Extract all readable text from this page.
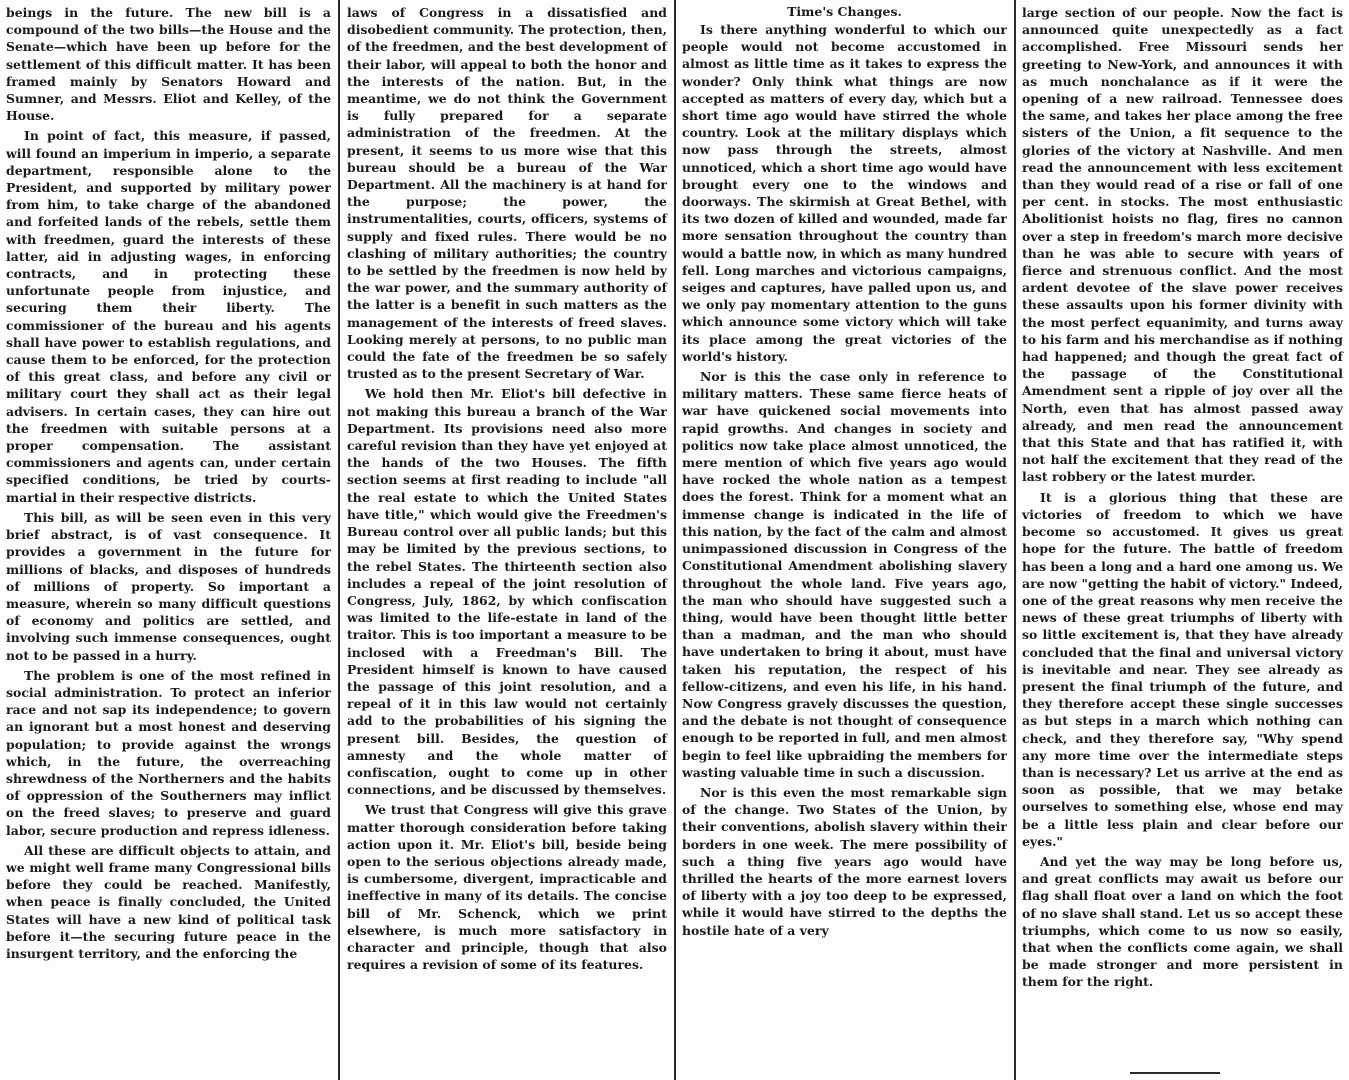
beings in the future. The new bill is a compound of the two bills—the House and the Senate—which have been up before for the settlement of this difficult matter. It has been framed mainly by Senators Howard and Sumner, and Messrs. Eliot and Kelley, of the House.

In point of fact, this measure, if passed, will found an imperium in imperio, a separate department, responsible alone to the President, and supported by military power from him, to take charge of the abandoned and forfeited lands of the rebels, settle them with freedmen, guard the interests of these latter, aid in adjusting wages, in enforcing contracts, and in protecting these unfortunate people from injustice, and securing them their liberty. The commissioner of the bureau and his agents shall have power to establish regulations, and cause them to be enforced, for the protection of this great class, and before any civil or military court they shall act as their legal advisers. In certain cases, they can hire out the freedmen with suitable persons at a proper compensation. The assistant commissioners and agents can, under certain specified conditions, be tried by courts-martial in their respective districts.

This bill, as will be seen even in this very brief abstract, is of vast consequence. It provides a government in the future for millions of blacks, and disposes of hundreds of millions of property. So important a measure, wherein so many difficult questions of economy and politics are settled, and involving such immense consequences, ought not to be passed in a hurry.

The problem is one of the most refined in social administration. To protect an inferior race and not sap its independence; to govern an ignorant but a most honest and deserving population; to provide against the wrongs which, in the future, the overreaching shrewdness of the Northerners and the habits of oppression of the Southerners may inflict on the freed slaves; to preserve and guard labor, secure production and repress idleness.

All these are difficult objects to attain, and we might well frame many Congressional bills before they could be reached. Manifestly, when peace is finally concluded, the United States will have a new kind of political task before it—the securing future peace in the insurgent territory, and the enforcing the

laws of Congress in a dissatisfied and disobedient community. The protection, then, of the freedmen, and the best development of their labor, will appeal to both the honor and the interests of the nation. But, in the meantime, we do not think the Government is fully prepared for a separate administration of the freedmen. At the present, it seems to us more wise that this bureau should be a bureau of the War Department. All the machinery is at hand for the purpose; the power, the instrumentalities, courts, officers, systems of supply and fixed rules. There would be no clashing of military authorities; the country to be settled by the freedmen is now held by the war power, and the summary authority of the latter is a benefit in such matters as the management of the interests of freed slaves. Looking merely at persons, to no public man could the fate of the freedmen be so safely trusted as to the present Secretary of War.

We hold then Mr. Eliot's bill defective in not making this bureau a branch of the War Department. Its provisions need also more careful revision than they have yet enjoyed at the hands of the two Houses. The fifth section seems at first reading to include "all the real estate to which the United States have title," which would give the Freedmen's Bureau control over all public lands; but this may be limited by the previous sections, to the rebel States. The thirteenth section also includes a repeal of the joint resolution of Congress, July, 1862, by which confiscation was limited to the life-estate in land of the traitor. This is too important a measure to be inclosed with a Freedman's Bill. The President himself is known to have caused the passage of this joint resolution, and a repeal of it in this law would not certainly add to the probabilities of his signing the present bill. Besides, the question of amnesty and the whole matter of confiscation, ought to come up in other connections, and be discussed by themselves.

We trust that Congress will give this grave matter thorough consideration before taking action upon it. Mr. Eliot's bill, beside being open to the serious objections already made, is cumbersome, divergent, impracticable and ineffective in many of its details. The concise bill of Mr. Schenck, which we print elsewhere, is much more satisfactory in character and principle, though that also requires a revision of some of its features.

Time's Changes.

Is there anything wonderful to which our people would not become accustomed in almost as little time as it takes to express the wonder? Only think what things are now accepted as matters of every day, which but a short time ago would have stirred the whole country. Look at the military displays which now pass through the streets, almost unnoticed, which a short time ago would have brought every one to the windows and doorways. The skirmish at Great Bethel, with its two dozen of killed and wounded, made far more sensation throughout the country than would a battle now, in which as many hundred fell. Long marches and victorious campaigns, seiges and captures, have palled upon us, and we only pay momentary attention to the guns which announce some victory which will take its place among the great victories of the world's history.

Nor is this the case only in reference to military matters. These same fierce heats of war have quickened social movements into rapid growths. And changes in society and politics now take place almost unnoticed, the mere mention of which five years ago would have rocked the whole nation as a tempest does the forest. Think for a moment what an immense change is indicated in the life of this nation, by the fact of the calm and almost unimpassioned discussion in Congress of the Constitutional Amendment abolishing slavery throughout the whole land. Five years ago, the man who should have suggested such a thing, would have been thought little better than a madman, and the man who should have undertaken to bring it about, must have taken his reputation, the respect of his fellow-citizens, and even his life, in his hand. Now Congress gravely discusses the question, and the debate is not thought of consequence enough to be reported in full, and men almost begin to feel like upbraiding the members for wasting valuable time in such a discussion.

Nor is this even the most remarkable sign of the change. Two States of the Union, by their conventions, abolish slavery within their borders in one week. The mere possibility of such a thing five years ago would have thrilled the hearts of the more earnest lovers of liberty with a joy too deep to be expressed, while it would have stirred to the depths the hostile hate of a very

large section of our people. Now the fact is announced quite unexpectedly as a fact accomplished. Free Missouri sends her greeting to New-York, and announces it with as much nonchalance as if it were the opening of a new railroad. Tennessee does the same, and takes her place among the free sisters of the Union, a fit sequence to the glories of the victory at Nashville. And men read the announcement with less excitement than they would read of a rise or fall of one per cent. in stocks. The most enthusiastic Abolitionist hoists no flag, fires no cannon over a step in freedom's march more decisive than he was able to secure with years of fierce and strenuous conflict. And the most ardent devotee of the slave power receives these assaults upon his former divinity with the most perfect equanimity, and turns away to his farm and his merchandise as if nothing had happened; and though the great fact of the passage of the Constitutional Amendment sent a ripple of joy over all the North, even that has almost passed away already, and men read the announcement that this State and that has ratified it, with not half the excitement that they read of the last robbery or the latest murder.

It is a glorious thing that these are victories of freedom to which we have become so accustomed. It gives us great hope for the future. The battle of freedom has been a long and a hard one among us. We are now "getting the habit of victory." Indeed, one of the great reasons why men receive the news of these great triumphs of liberty with so little excitement is, that they have already concluded that the final and universal victory is inevitable and near. They see already as present the final triumph of the future, and they therefore accept these single successes as but steps in a march which nothing can check, and they therefore say, "Why spend any more time over the intermediate steps than is necessary? Let us arrive at the end as soon as possible, that we may betake ourselves to something else, whose end may be a little less plain and clear before our eyes."

And yet the way may be long before us, and great conflicts may await us before our flag shall float over a land on which the foot of no slave shall stand. Let us so accept these triumphs, which come to us now so easily, that when the conflicts come again, we shall be made stronger and more persistent in them for the right.
